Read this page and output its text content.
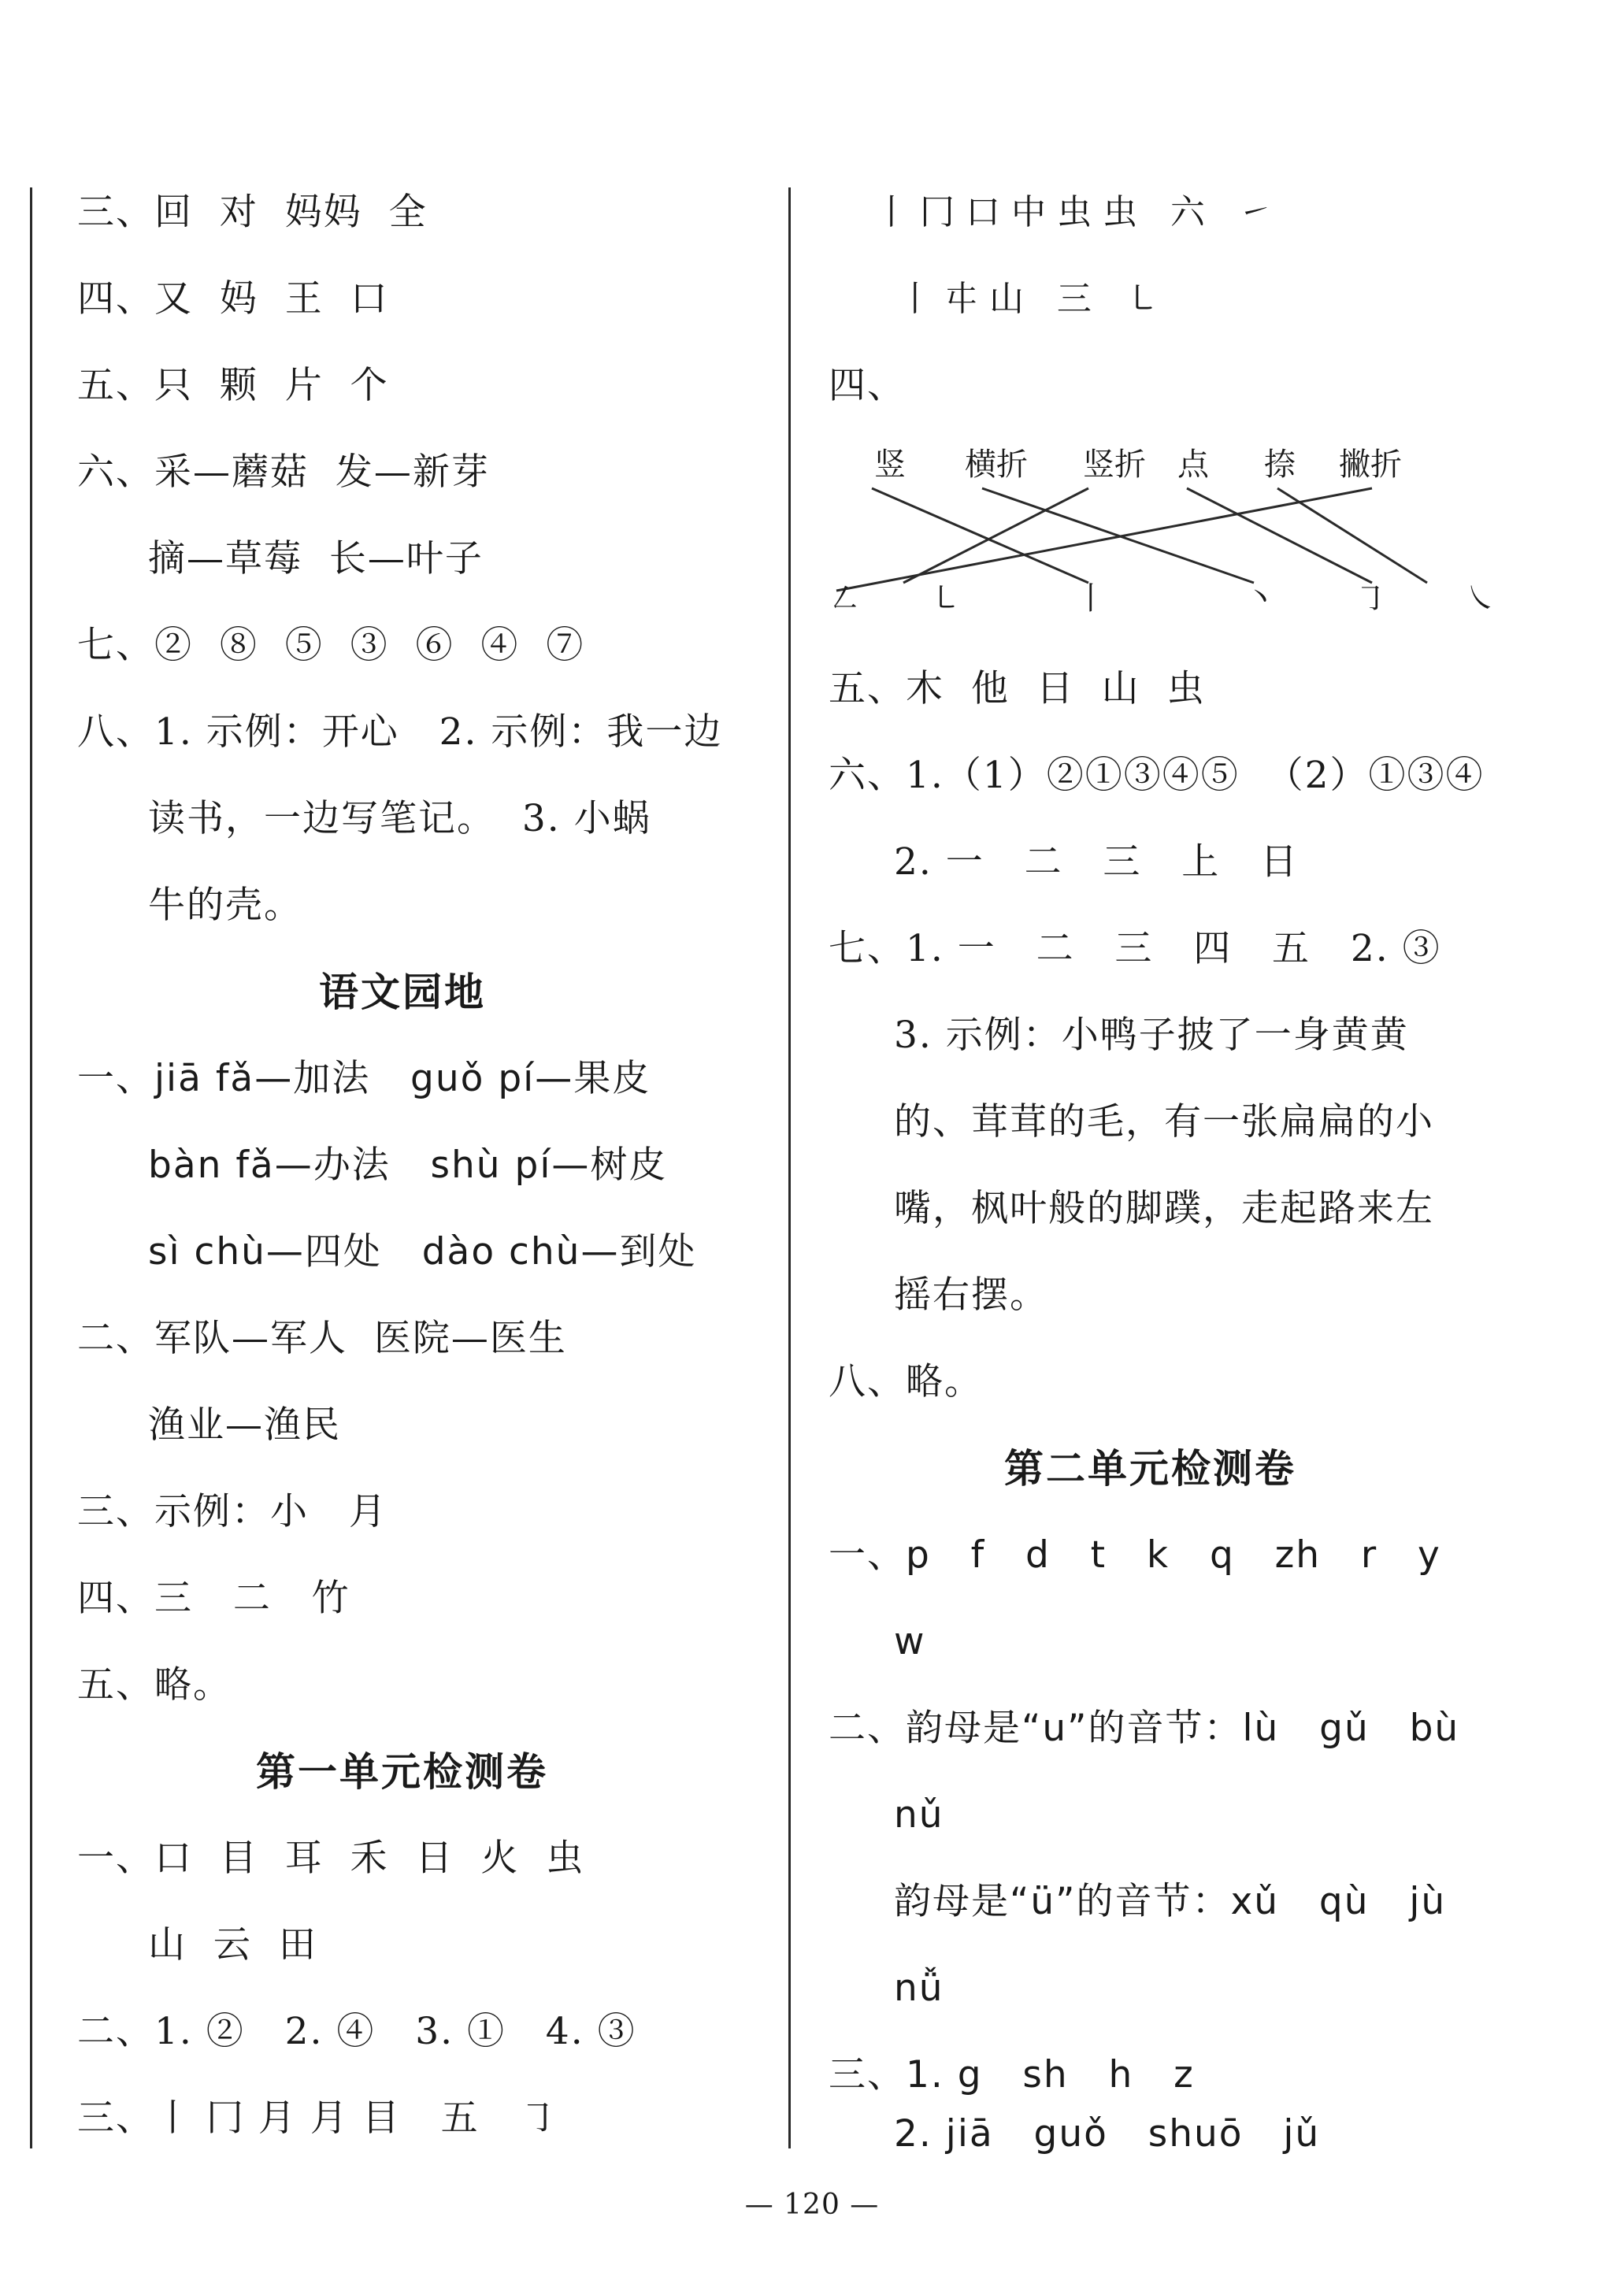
三、回  对  妈妈  全
四、又  妈  王  口
五、只  颗  片  个
六、采—蘑菇  发—新芽
摘—草莓  长—叶子
七、②  ⑧  ⑤  ③  ⑥  ④  ⑦
八、1. 示例：开心   2. 示例：我一边
读书，一边写笔记。  3. 小蜗
牛的壳。
语文园地
一、jiā fǎ—加法   guǒ pí—果皮
bàn fǎ—办法   shù pí—树皮
sì chù—四处   dào chù—到处
二、军队—军人  医院—医生
渔业—渔民
三、示例：小   月
四、三   二   竹
五、略。
第一单元检测卷
一、口  目  耳  禾  日  火  虫
山  云  田
二、1. ②   2. ④   3. ①   4. ③
三、丨 冂 月 月 目   五   ㇆
丨 冂 口 中 虫 虫   六   ㇀
丨 㐄 山   三   ㇄
四、
竖 横折 竖折 点 捺 撇折
㇜ ㇄	丨	丶	㇆	㇏
五、木  他  日  山  虫
六、1.（1）②①③④⑤  （2）①③④
2. 一   二   三   上   日
七、1. 一   二   三   四   五   2. ③
3. 示例：小鸭子披了一身黄黄
的、茸茸的毛，有一张扁扁的小
嘴，枫叶般的脚蹼，走起路来左
摇右摆。
八、略。
第二单元检测卷
一、p   f   d   t   k   q   zh   r   y
w
二、韵母是“u”的音节：lù   gǔ   bù
nǔ
韵母是“ü”的音节：xǔ   qù   jù
nǚ
三、1. g   sh   h   z
2. jiā   guǒ   shuō   jǔ
— 120 —
